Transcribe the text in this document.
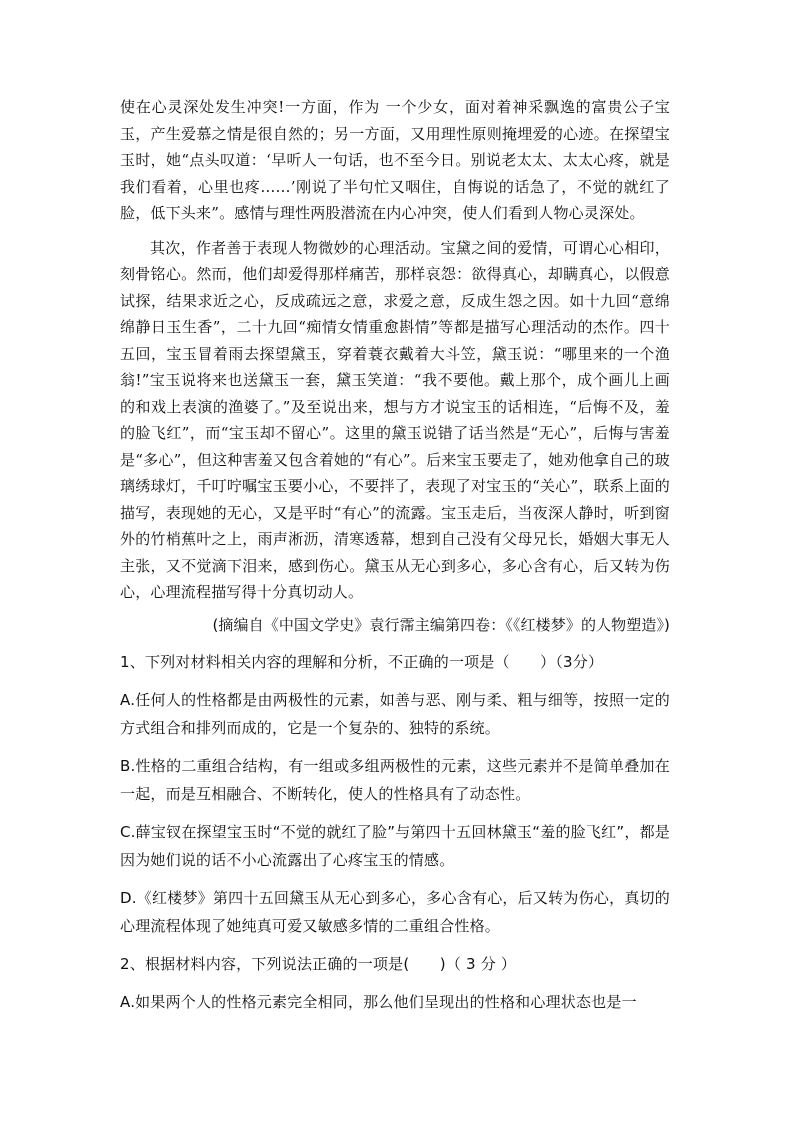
使在心灵深处发生冲突!一方面，作为 一个少女，面对着神采飘逸的富贵公子宝玉，产生爱慕之情是很自然的；另一方面，又用理性原则掩埋爱的心迹。在探望宝玉时，她“点头叹道：‘早听人一句话，也不至今日。别说老太太、太太心疼，就是我们看着，心里也疼……’刚说了半句忙又咽住，自悔说的话急了，不觉的就红了脸，低下头来”。感情与理性两股潜流在内心冲突，使人们看到人物心灵深处。

其次，作者善于表现人物微妙的心理活动。宝黛之间的爱情，可谓心心相印，刻骨铭心。然而，他们却爱得那样痛苦，那样哀怨：欲得真心，却瞒真心，以假意试探，结果求近之心，反成疏远之意，求爱之意，反成生怨之因。如十九回“意绵绵静日玉生香”，二十九回“痴情女情重愈斟情”等都是描写心理活动的杰作。四十五回，宝玉冒着雨去探望黛玉，穿着蓑衣戴着大斗笠，黛玉说：“哪里来的一个渔翁!”宝玉说将来也送黛玉一套，黛玉笑道：“我不要他。戴上那个，成个画儿上画的和戏上表演的渔婆了。”及至说出来，想与方才说宝玉的话相连，“后悔不及，羞的脸飞红”，而“宝玉却不留心”。这里的黛玉说错了话当然是“无心”，后悔与害羞是“多心”，但这种害羞又包含着她的“有心”。后来宝玉要走了，她劝他拿自己的玻璃绣球灯，千叮咛嘱宝玉要小心，不要拌了，表现了对宝玉的“关心”，联系上面的描写，表现她的无心，又是平时“有心”的流露。宝玉走后，当夜深人静时，听到窗外的竹梢蕉叶之上，雨声淅沥，清寒透幕，想到自己没有父母兄长，婚姻大事无人主张，又不觉滴下泪来，感到伤心。黛玉从无心到多心，多心含有心，后又转为伤心，心理流程描写得十分真切动人。

(摘编自《中国文学史》袁行霈主编第四卷：《《红楼梦》的人物塑造》)

1、下列对材料相关内容的理解和分析，不正确的一项是（　　）（3分）

A.任何人的性格都是由两极性的元素，如善与恶、刚与柔、粗与细等，按照一定的方式组合和排列而成的，它是一个复杂的、独特的系统。

B.性格的二重组合结构，有一组或多组两极性的元素，这些元素并不是简单叠加在一起，而是互相融合、不断转化，使人的性格具有了动态性。

C.薛宝钗在探望宝玉时“不觉的就红了脸”与第四十五回林黛玉“羞的脸飞红”，都是因为她们说的话不小心流露出了心疼宝玉的情感。

D.《红楼梦》第四十五回黛玉从无心到多心，多心含有心，后又转为伤心，真切的心理流程体现了她纯真可爱又敏感多情的二重组合性格。

2、根据材料内容，下列说法正确的一项是(　　)（ 3 分 ）

A.如果两个人的性格元素完全相同，那么他们呈现出的性格和心理状态也是一
